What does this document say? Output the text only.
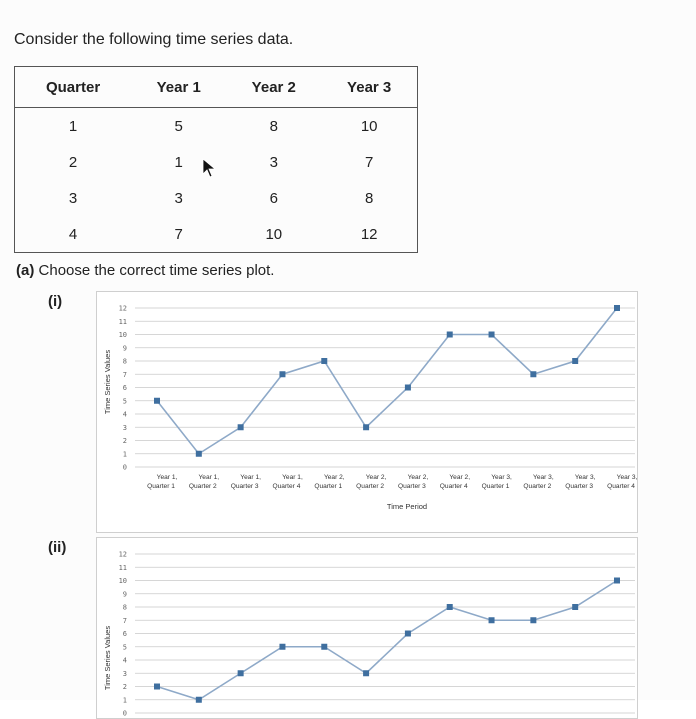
Consider the following time series data.
Quarter	Year 1	Year 2	Year 3
1	5	8	10
2	1	3	7
3	3	6	8
4	7	10	12
(a) Choose the correct time series plot.
(i)
0
1
2
3
4
5
6
7
8
9
10
11
12
Time Series Values
Year 1,
Quarter 1
Year 1,
Quarter 2
Year 1,
Quarter 3
Year 1,
Quarter 4
Year 2,
Quarter 1
Year 2,
Quarter 2
Year 2,
Quarter 3
Year 2,
Quarter 4
Year 3,
Quarter 1
Year 3,
Quarter 2
Year 3,
Quarter 3
Year 3,
Quarter 4
Time Period
(ii)
0
1
2
3
4
5
6
7
8
9
10
11
12
Time Series Values
